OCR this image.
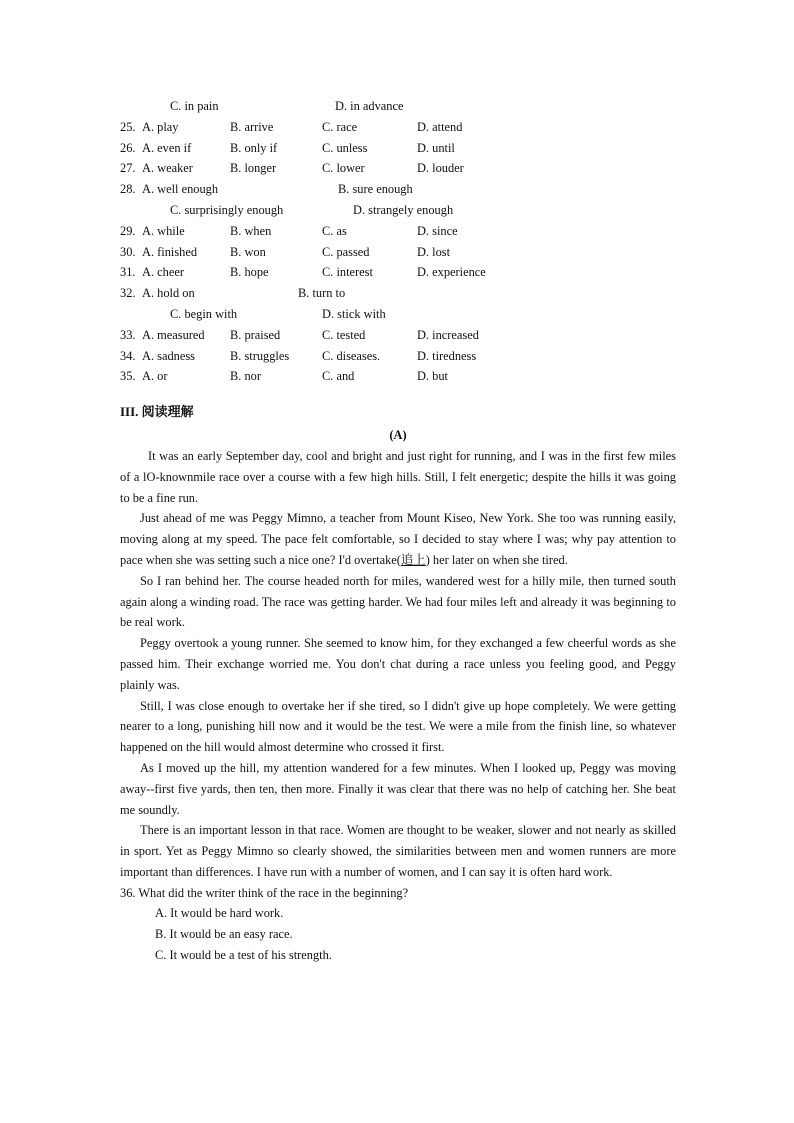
C. in pain	D. in advance
25. A. play	B. arrive	C. race	D. attend
26. A. even if	B. only if	C. unless	D. until
27. A. weaker	B. longer	C. lower	D. louder
28. A. well enough	B. sure enough
C. surprisingly enough	D. strangely enough
29. A. while	B. when	C. as	D. since
30. A. finished	B. won	C. passed	D. lost
31. A. cheer	B. hope	C. interest	D. experience
32. A. hold on	B. turn to
C. begin with	D. stick with
33. A. measured B. praised	C. tested	D. increased
34. A. sadness	B. struggles	C. diseases.	D. tiredness
35. A. or	B. nor	C. and	D. but
III. 阅读理解
(A)

It was an early September day, cool and bright and just right for running, and I was in the first few miles of a lO-knownmile race over a course with a few high hills. Still, I felt energetic; despite the hills it was going to be a fine run.

Just ahead of me was Peggy Mimno, a teacher from Mount Kiseo, New York. She too was running easily, moving along at my speed. The pace felt comfortable, so I decided to stay where I was; why pay attention to pace when she was setting such a nice one? I'd overtake(追上) her later on when she tired.

So I ran behind her. The course headed north for miles, wandered west for a hilly mile, then turned south again along a winding road. The race was getting harder. We had four miles left and already it was beginning to be real work.

Peggy overtook a young runner. She seemed to know him, for they exchanged a few cheerful words as she passed him. Their exchange worried me. You don't chat during a race unless you feeling good, and Peggy plainly was.

Still, I was close enough to overtake her if she tired, so I didn't give up hope completely. We were getting nearer to a long, punishing hill now and it would be the test. We were a mile from the finish line, so whatever happened on the hill would almost determine who crossed it first.

As I moved up the hill, my attention wandered for a few minutes. When I looked up, Peggy was moving away--first five yards, then ten, then more. Finally it was clear that there was no help of catching her. She beat me soundly.

There is an important lesson in that race. Women are thought to be weaker, slower and not nearly as skilled in sport. Yet as Peggy Mimno so clearly showed, the similarities between men and women runners are more important than differences. I have run with a number of women, and I can say it is often hard work.

36. What did the writer think of the race in the beginning?

A. It would be hard work.

B. It would be an easy race.

C. It would be a test of his strength.
